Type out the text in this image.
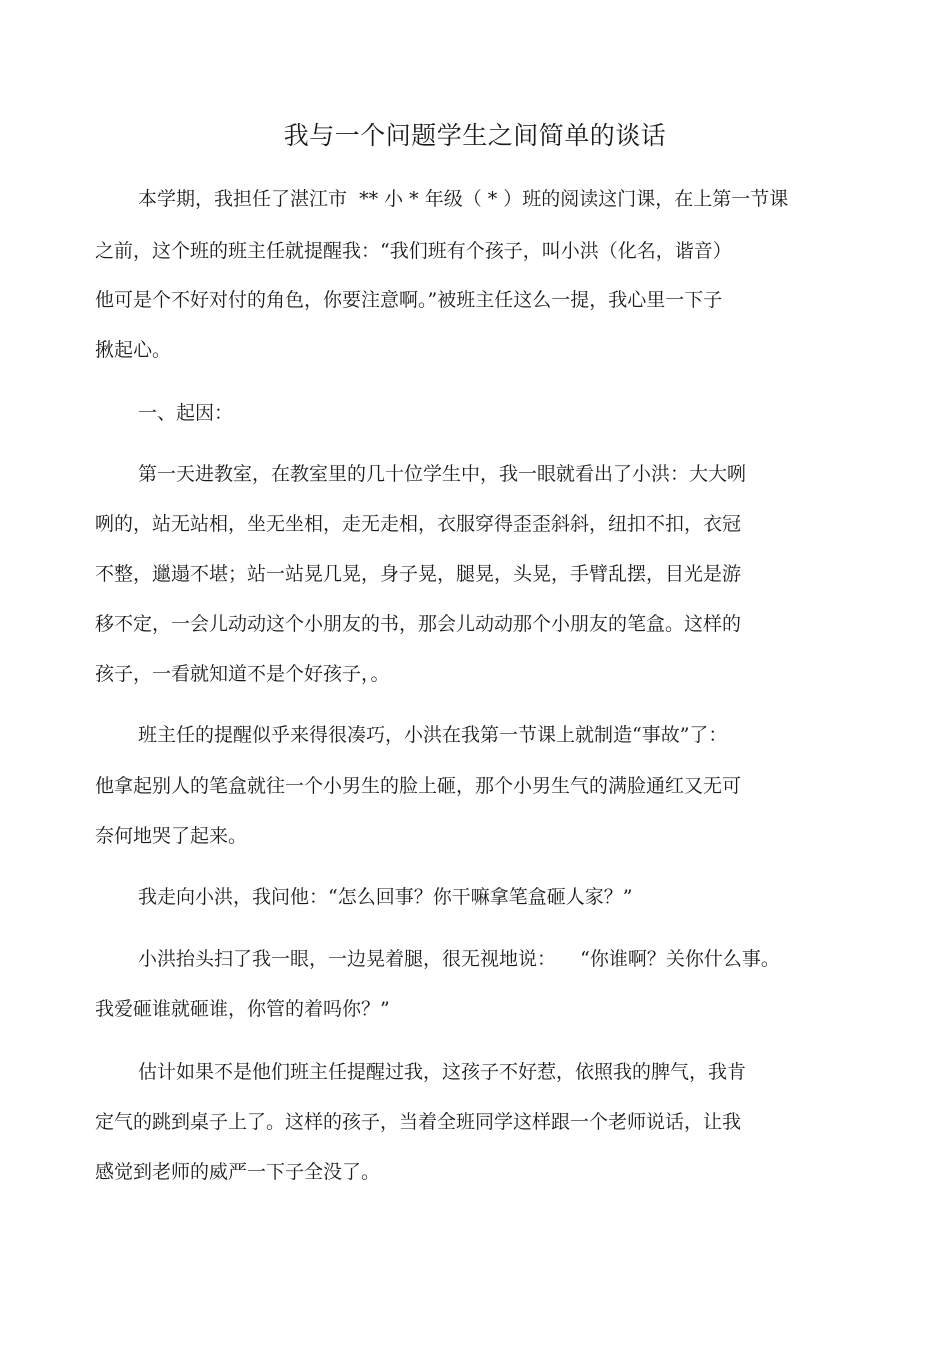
我与一个问题学生之间简单的谈话

本学期，我担任了湛江市  ** 小 * 年级（ * ）班的阅读这门课，在上第一节课

之前，这个班的班主任就提醒我：“我们班有个孩子，叫小洪（化名，谐音）

他可是个不好对付的角色，你要注意啊。”被班主任这么一提，我心里一下子

揪起心。

一、起因：

第一天进教室，在教室里的几十位学生中，我一眼就看出了小洪：大大咧

咧的，站无站相，坐无坐相，走无走相，衣服穿得歪歪斜斜，纽扣不扣，衣冠

不整，邋遢不堪；站一站晃几晃，身子晃，腿晃，头晃，手臂乱摆，目光是游

移不定，一会儿动动这个小朋友的书，那会儿动动那个小朋友的笔盒。这样的

孩子，一看就知道不是个好孩子，。

班主任的提醒似乎来得很凑巧，小洪在我第一节课上就制造“事故”了：

他拿起别人的笔盒就往一个小男生的脸上砸，那个小男生气的满脸通红又无可

奈何地哭了起来。

我走向小洪，我问他：“怎么回事？你干嘛拿笔盒砸人家？”

小洪抬头扫了我一眼，一边晃着腿，很无视地说：    “你谁啊？关你什么事。

我爱砸谁就砸谁，你管的着吗你？”

估计如果不是他们班主任提醒过我，这孩子不好惹，依照我的脾气，我肯

定气的跳到桌子上了。这样的孩子，当着全班同学这样跟一个老师说话，让我

感觉到老师的威严一下子全没了。
